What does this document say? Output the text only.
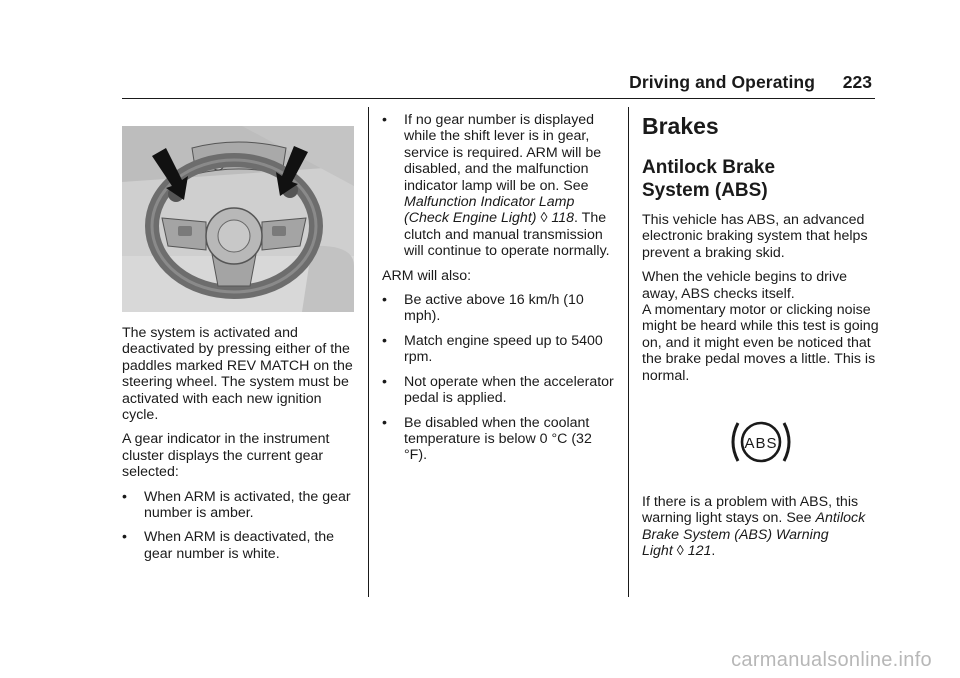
Driving and Operating 223

The system is activated and deactivated by pressing either of the paddles marked REV MATCH on the steering wheel. The system must be activated with each new ignition cycle.

A gear indicator in the instrument cluster displays the current gear selected:

• When ARM is activated, the gear number is amber.
• When ARM is deactivated, the gear number is white.
• If no gear number is displayed while the shift lever is in gear, service is required. ARM will be disabled, and the malfunction indicator lamp will be on. See Malfunction Indicator Lamp (Check Engine Light) ◊ 118. The clutch and manual transmission will continue to operate normally.

ARM will also:

• Be active above 16 km/h (10 mph).
• Match engine speed up to 5400 rpm.
• Not operate when the accelerator pedal is applied.
• Be disabled when the coolant temperature is below 0 °C (32 °F).
Brakes
Antilock Brake
System (ABS)

This vehicle has ABS, an advanced electronic braking system that helps prevent a braking skid.

When the vehicle begins to drive away, ABS checks itself.

A momentary motor or clicking noise might be heard while this test is going on, and it might even be noticed that the brake pedal moves a little. This is normal.

ABS

If there is a problem with ABS, this warning light stays on. See Antilock Brake System (ABS) Warning Light ◊ 121.

carmanualsonline.info
